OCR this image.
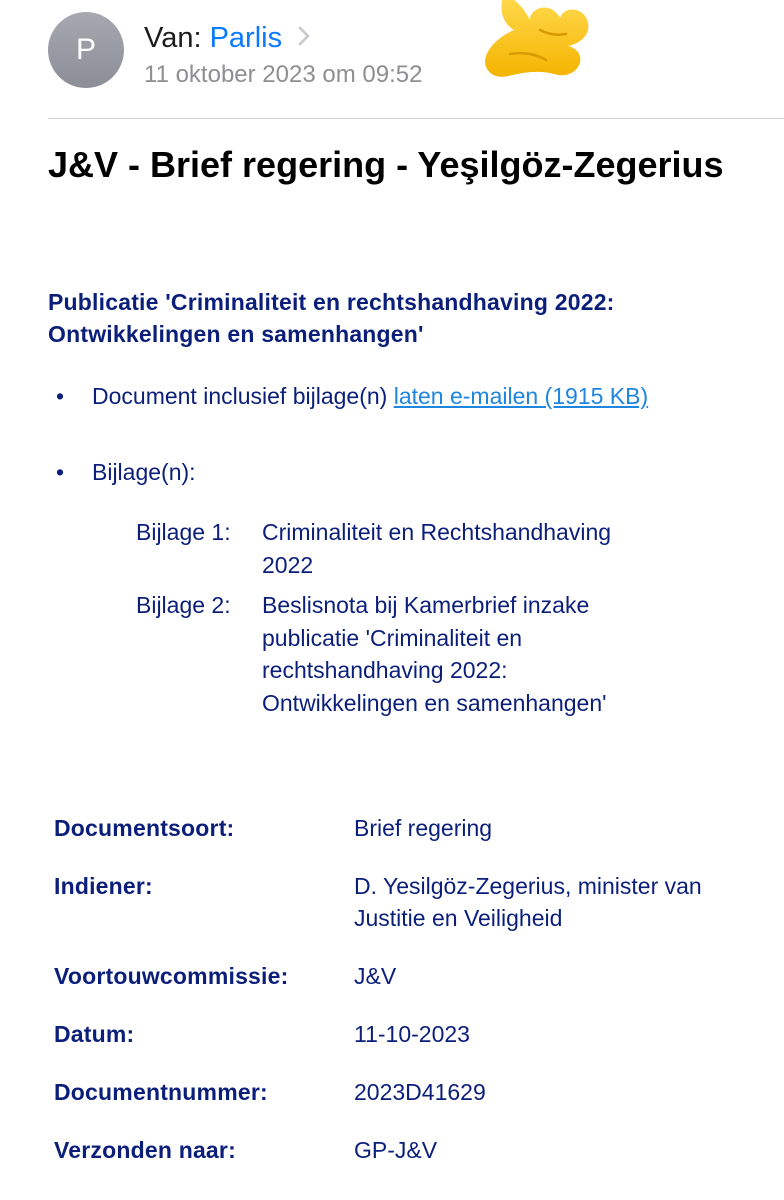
P	Van: Parlis
11 oktober 2023 om 09:52
J&V - Brief regering - Yeşilgöz-Zegerius
Publicatie 'Criminaliteit en rechtshandhaving 2022: Ontwikkelingen en samenhangen'
• Document inclusief bijlage(n) laten e-mailen (1915 KB)
• Bijlage(n):
Bijlage 1:	Criminaliteit en Rechtshandhaving 2022
Bijlage 2:	Beslisnota bij Kamerbrief inzake publicatie 'Criminaliteit en rechtshandhaving 2022: Ontwikkelingen en samenhangen'
Documentsoort:	Brief regering
Indiener:	D. Yesilgöz-Zegerius, minister van Justitie en Veiligheid
Voortouwcommissie:	J&V
Datum:	11-10-2023
Documentnummer:	2023D41629
Verzonden naar:	GP-J&V
